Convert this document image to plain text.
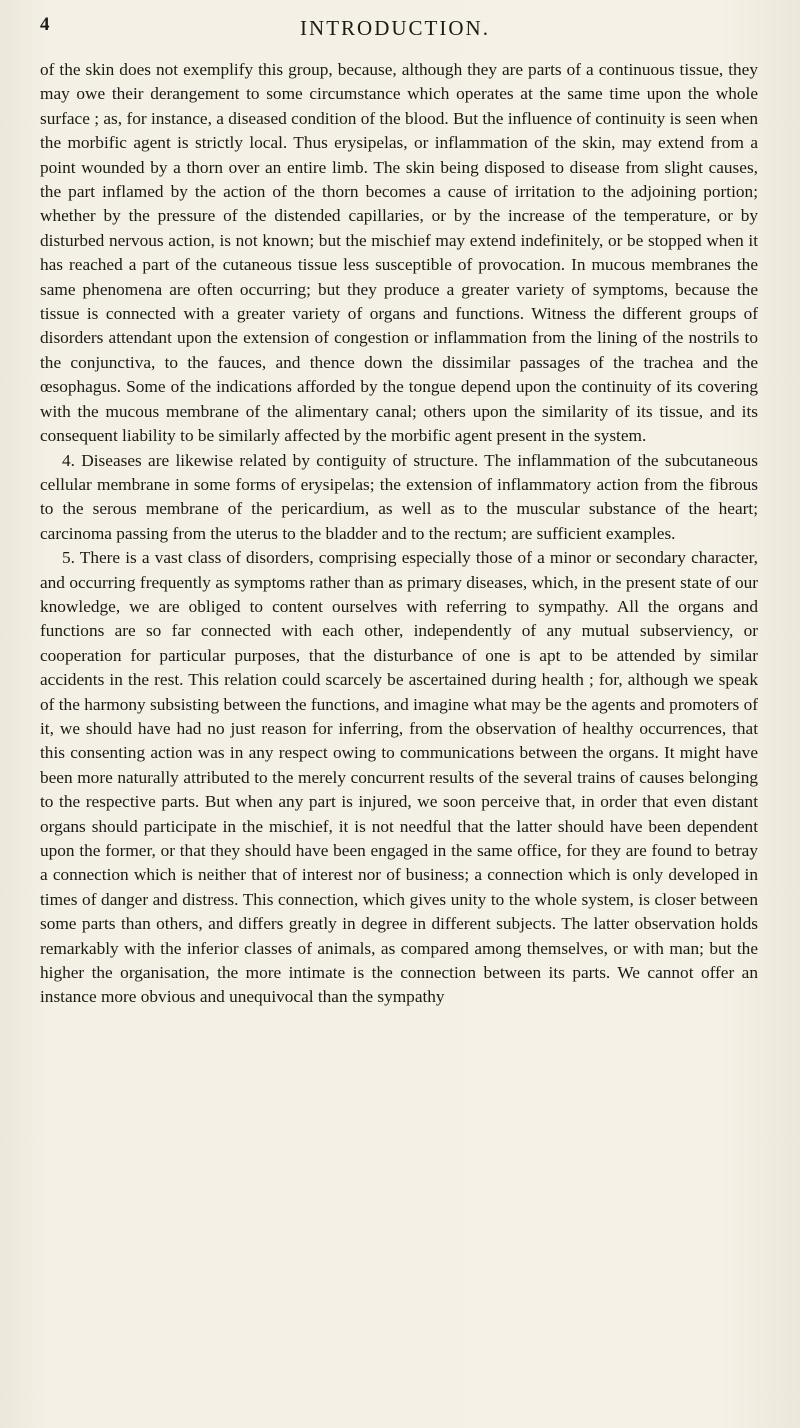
4	INTRODUCTION.

of the skin does not exemplify this group, because, although they are parts of a continuous tissue, they may owe their derangement to some circumstance which operates at the same time upon the whole surface ; as, for instance, a diseased condition of the blood. But the influence of continuity is seen when the morbific agent is strictly local. Thus erysipelas, or inflammation of the skin, may extend from a point wounded by a thorn over an entire limb. The skin being disposed to disease from slight causes, the part inflamed by the action of the thorn becomes a cause of irritation to the adjoining portion; whether by the pressure of the distended capillaries, or by the increase of the temperature, or by disturbed nervous action, is not known; but the mischief may extend indefinitely, or be stopped when it has reached a part of the cutaneous tissue less susceptible of provocation. In mucous membranes the same phenomena are often occurring; but they produce a greater variety of symptoms, because the tissue is connected with a greater variety of organs and functions. Witness the different groups of disorders attendant upon the extension of congestion or inflammation from the lining of the nostrils to the conjunctiva, to the fauces, and thence down the dissimilar passages of the trachea and the œsophagus. Some of the indications afforded by the tongue depend upon the continuity of its covering with the mucous membrane of the alimentary canal; others upon the similarity of its tissue, and its consequent liability to be similarly affected by the morbific agent present in the system.

4. Diseases are likewise related by contiguity of structure. The inflammation of the subcutaneous cellular membrane in some forms of erysipelas; the extension of inflammatory action from the fibrous to the serous membrane of the pericardium, as well as to the muscular substance of the heart; carcinoma passing from the uterus to the bladder and to the rectum; are sufficient examples.

5. There is a vast class of disorders, comprising especially those of a minor or secondary character, and occurring frequently as symptoms rather than as primary diseases, which, in the present state of our knowledge, we are obliged to content ourselves with referring to sympathy. All the organs and functions are so far connected with each other, independently of any mutual subserviency, or cooperation for particular purposes, that the disturbance of one is apt to be attended by similar accidents in the rest. This relation could scarcely be ascertained during health ; for, although we speak of the harmony subsisting between the functions, and imagine what may be the agents and promoters of it, we should have had no just reason for inferring, from the observation of healthy occurrences, that this consenting action was in any respect owing to communications between the organs. It might have been more naturally attributed to the merely concurrent results of the several trains of causes belonging to the respective parts. But when any part is injured, we soon perceive that, in order that even distant organs should participate in the mischief, it is not needful that the latter should have been dependent upon the former, or that they should have been engaged in the same office, for they are found to betray a connection which is neither that of interest nor of business; a connection which is only developed in times of danger and distress. This connection, which gives unity to the whole system, is closer between some parts than others, and differs greatly in degree in different subjects. The latter observation holds remarkably with the inferior classes of animals, as compared among themselves, or with man; but the higher the organisation, the more intimate is the connection between its parts. We cannot offer an instance more obvious and unequivocal than the sympathy
